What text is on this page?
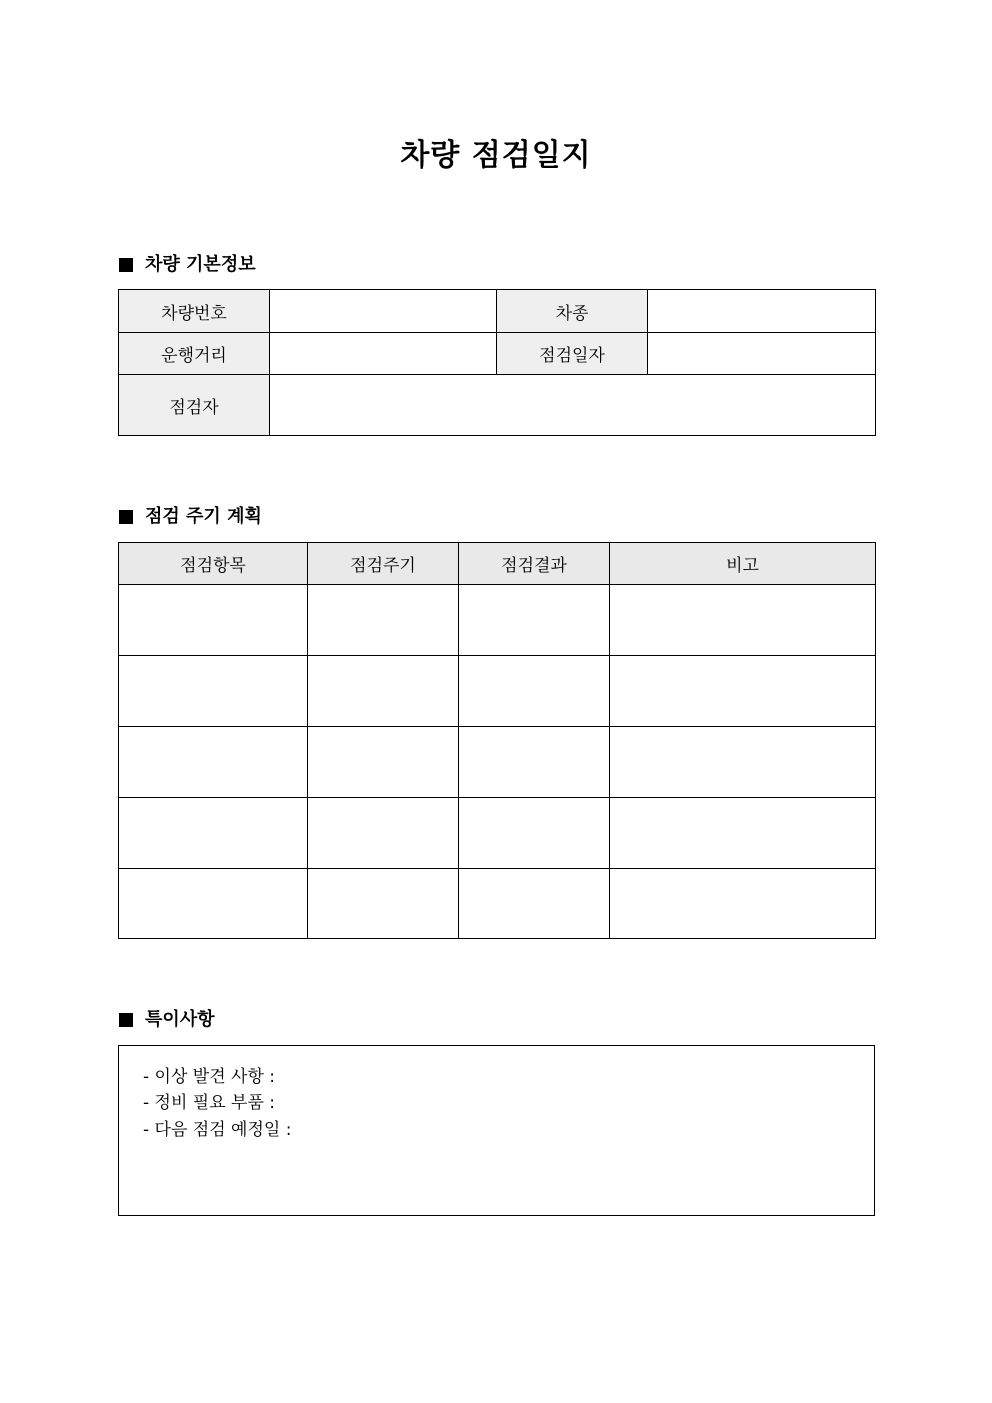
차량 점검일지
차량 기본정보
차량번호		차종	
운행거리		점검일자	
점검자			
점검 주기 계획
점검항목	점검주기	점검결과	비고

특이사항
- 이상 발견 사항 :
- 정비 필요 부품 :
- 다음 점검 예정일 :
